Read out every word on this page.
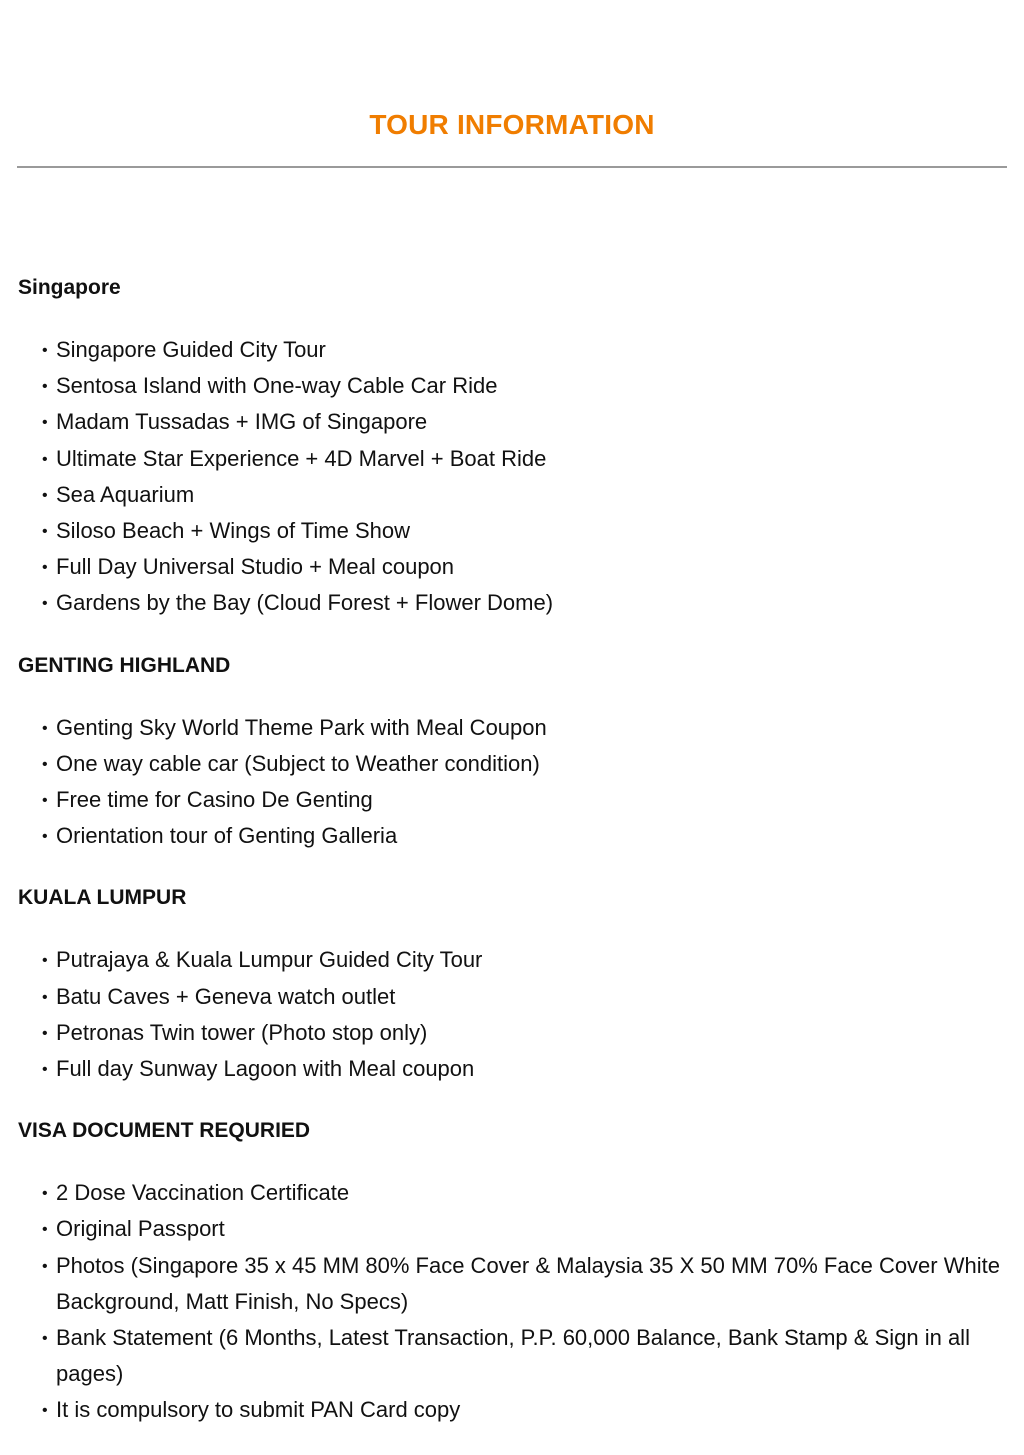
TOUR INFORMATION
Singapore
• Singapore Guided City Tour
• Sentosa Island with One-way Cable Car Ride
• Madam Tussadas + IMG of Singapore
• Ultimate Star Experience + 4D Marvel + Boat Ride
• Sea Aquarium
• Siloso Beach + Wings of Time Show
• Full Day Universal Studio + Meal coupon
• Gardens by the Bay (Cloud Forest + Flower Dome)
GENTING HIGHLAND
• Genting Sky World Theme Park with Meal Coupon
• One way cable car (Subject to Weather condition)
• Free time for Casino De Genting
• Orientation tour of Genting Galleria
KUALA LUMPUR
• Putrajaya & Kuala Lumpur Guided City Tour
• Batu Caves + Geneva watch outlet
• Petronas Twin tower (Photo stop only)
• Full day Sunway Lagoon with Meal coupon
VISA DOCUMENT REQURIED
• 2 Dose Vaccination Certificate
• Original Passport
• Photos (Singapore 35 x 45 MM 80% Face Cover & Malaysia 35 X 50 MM 70% Face Cover White Background, Matt Finish, No Specs)
• Bank Statement (6 Months, Latest Transaction, P.P. 60,000 Balance, Bank Stamp & Sign in all pages)
• It is compulsory to submit PAN Card copy
